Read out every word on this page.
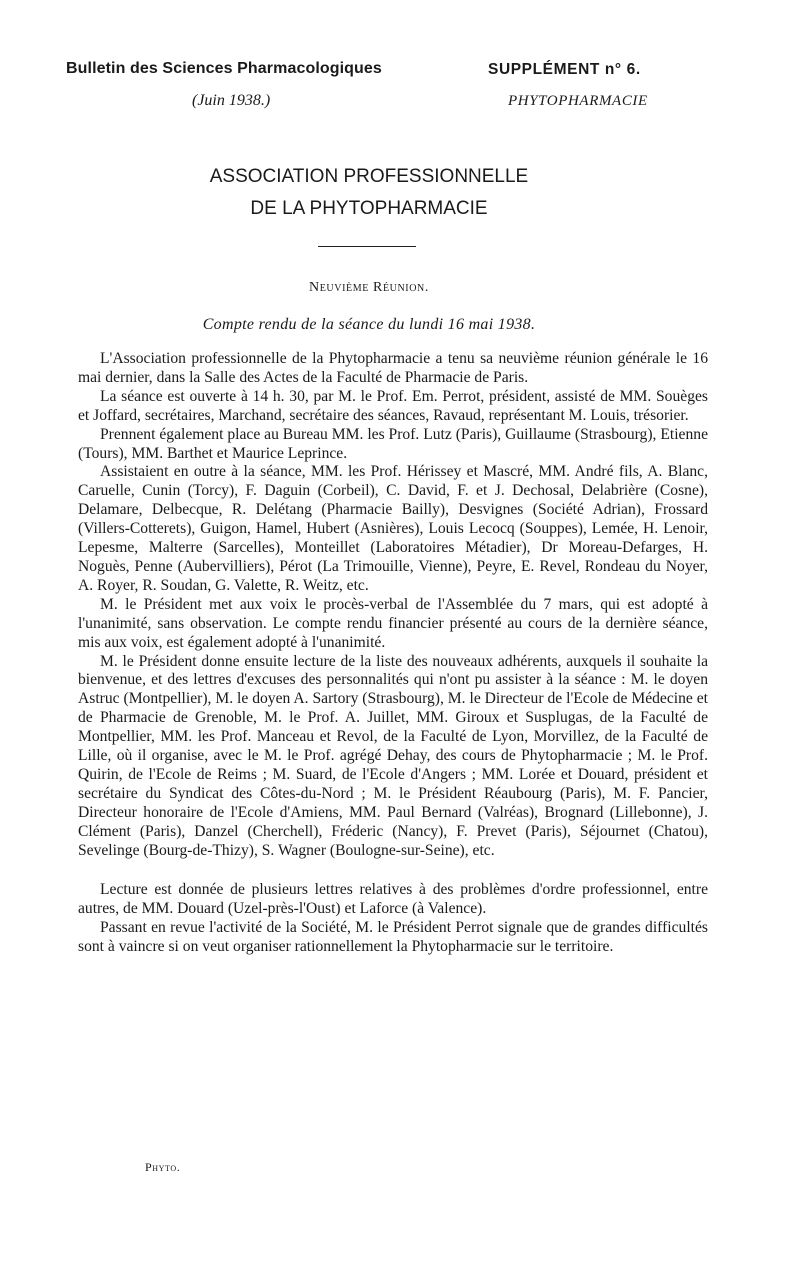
Bulletin des Sciences Pharmacologiques
(Juin 1938.)
SUPPLÉMENT n° 6.
PHYTOPHARMACIE
ASSOCIATION PROFESSIONNELLE
DE LA PHYTOPHARMACIE
Neuvième Réunion.
Compte rendu de la séance du lundi 16 mai 1938.

L'Association professionnelle de la Phytopharmacie a tenu sa neuvième réunion générale le 16 mai dernier, dans la Salle des Actes de la Faculté de Pharmacie de Paris.

La séance est ouverte à 14 h. 30, par M. le Prof. Em. Perrot, président, assisté de MM. Souèges et Joffard, secrétaires, Marchand, secrétaire des séances, Ravaud, représentant M. Louis, trésorier.

Prennent également place au Bureau MM. les Prof. Lutz (Paris), Guillaume (Strasbourg), Etienne (Tours), MM. Barthet et Maurice Leprince.

Assistaient en outre à la séance, MM. les Prof. Hérissey et Mascré, MM. André fils, A. Blanc, Caruelle, Cunin (Torcy), F. Daguin (Corbeil), C. David, F. et J. Dechosal, Delabrière (Cosne), Delamare, Delbecque, R. Delétang (Pharmacie Bailly), Desvignes (Société Adrian), Frossard (Villers-Cotterets), Guigon, Hamel, Hubert (Asnières), Louis Lecocq (Souppes), Lemée, H. Lenoir, Lepesme, Malterre (Sarcelles), Monteillet (Laboratoires Métadier), Dr Moreau-Defarges, H. Noguès, Penne (Aubervilliers), Pérot (La Trimouille, Vienne), Peyre, E. Revel, Rondeau du Noyer, A. Royer, R. Soudan, G. Valette, R. Weitz, etc.

M. le Président met aux voix le procès-verbal de l'Assemblée du 7 mars, qui est adopté à l'unanimité, sans observation. Le compte rendu financier présenté au cours de la dernière séance, mis aux voix, est également adopté à l'unanimité.

M. le Président donne ensuite lecture de la liste des nouveaux adhérents, auxquels il souhaite la bienvenue, et des lettres d'excuses des personnalités qui n'ont pu assister à la séance : M. le doyen Astruc (Montpellier), M. le doyen A. Sartory (Strasbourg), M. le Directeur de l'Ecole de Médecine et de Pharmacie de Grenoble, M. le Prof. A. Juillet, MM. Giroux et Susplugas, de la Faculté de Montpellier, MM. les Prof. Manceau et Revol, de la Faculté de Lyon, Morvillez, de la Faculté de Lille, où il organise, avec le M. le Prof. agrégé Dehay, des cours de Phytopharmacie ; M. le Prof. Quirin, de l'Ecole de Reims ; M. Suard, de l'Ecole d'Angers ; MM. Lorée et Douard, président et secrétaire du Syndicat des Côtes-du-Nord ; M. le Président Réaubourg (Paris), M. F. Pancier, Directeur honoraire de l'Ecole d'Amiens, MM. Paul Bernard (Valréas), Brognard (Lillebonne), J. Clément (Paris), Danzel (Cherchell), Fréderic (Nancy), F. Prevet (Paris), Séjournet (Chatou), Sevelinge (Bourg-de-Thizy), S. Wagner (Boulogne-sur-Seine), etc.

Lecture est donnée de plusieurs lettres relatives à des problèmes d'ordre professionnel, entre autres, de MM. Douard (Uzel-près-l'Oust) et Laforce (à Valence).

Passant en revue l'activité de la Société, M. le Président Perrot signale que de grandes difficultés sont à vaincre si on veut organiser rationnellement la Phytopharmacie sur le territoire.

Phyto.
